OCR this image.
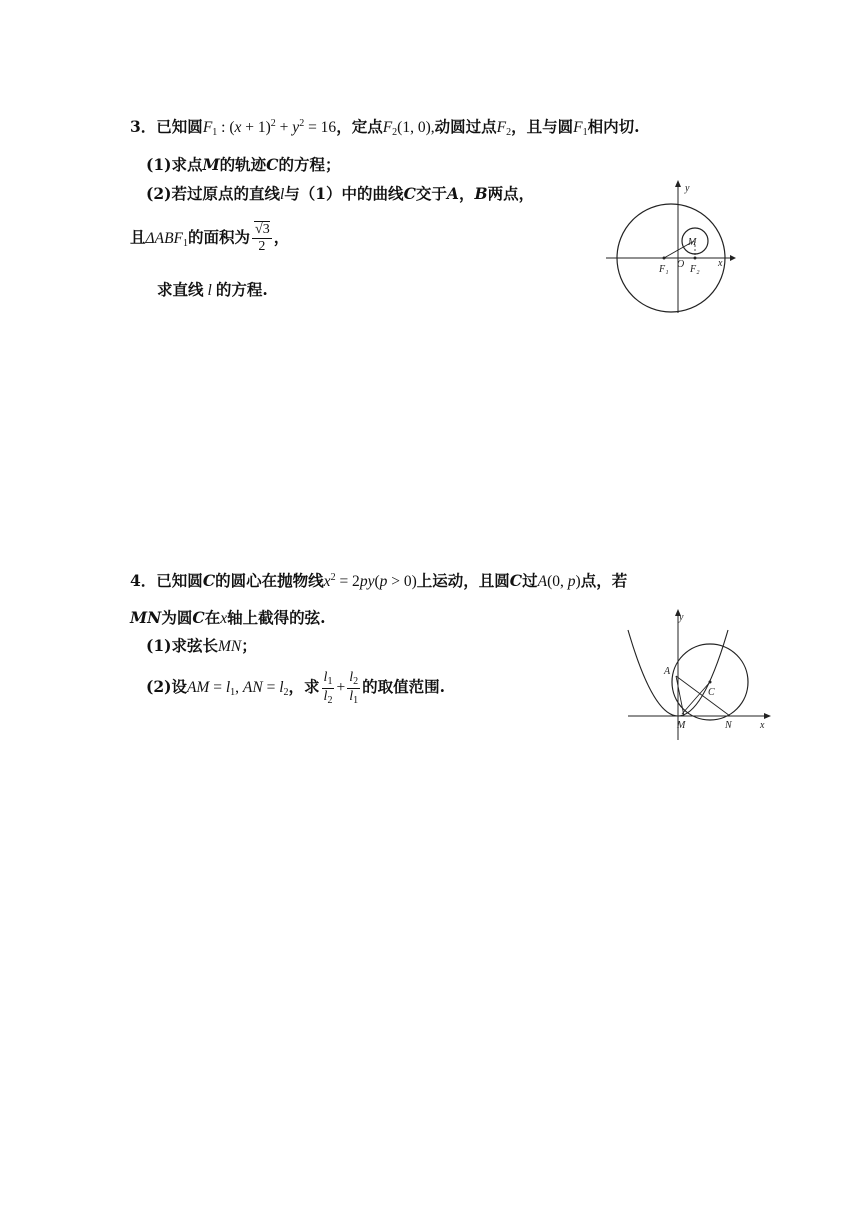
3．已知圆$F_1$ : $(x + 1)^2 + y^2 = 16$，定点$F_2(1$, 0),动圆过点$F_2$，且与圆$F_1$相内切.
(1)求点M的轨迹C的方程；
(2)若过原点的直线l与（1）中的曲线C交于A，B两点，
且$\Delta ABF_1$的面积为 $\frac{√3}{2}$ ，
求直线 l 的方程.
y
x
M
F₁ O F₂
4．已知圆C的圆心在抛物线$x^2 = 2py(p > 0)$上运动，且圆C过A(0, p)点，若
MN为圆C在x轴上截得的弦.
(1)求弦长MN；
(2)设AM = $l_1$, AN = $l_2$，求 $\frac{l_1}{l_2} + \frac{l_2}{l_1}$ 的取值范围.
y
x
A
C
M	N
